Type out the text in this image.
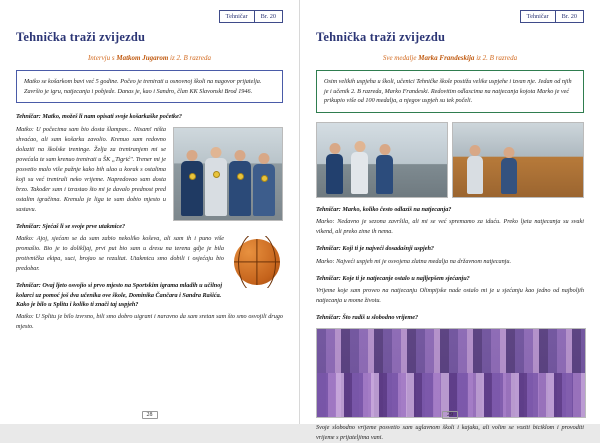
Tehničar	Br. 20
Tehnička traži zvijezdu
Intervju s Matkom Jugarom iz 2. B razreda
Matko se košarkom bavi već 5 godine. Počeo je trenirati u osnovnoj školi na nagovor prijatelja. Završio je igru, natjecanja i pobjede. Danas je, kao i Sandro, član KK Slavonski Brod 1946.
Tehničar: Matko, možeš li nam opisati svoje košarkaške početke?
Matko: U počecima sam bio dosta šlampav... Nisam! ništa shvaćao, ali sam košarku zavolio. Krenuo sam redovno dolaziti na školske treninge. Želja za treniranjem mi se povećala te sam krenuo trenirati u ŠK „Tigrić". Trener mi je posvetio malo više pažnje kako bih ulao u korak s ostalima koji su već trenirali neko vrijeme. Napredovao sam dosta brzo. Također sam i izrastao što mi je davalo prednost pred ostalim igračima. Krenula je liga te sam dobio mjesto u sastavu.
Tehničar: Sjećaš li se svoje prve utakmice?
Matko: Ajoj, sjećam se da sam zabio nekoliko koševa, ali sam ih i puno više promašio. Bio je to dolikljaj, prvi put bio sam u dresu na terenu gdje je bila protivnička ekipa, suci, brojao se rezultat. Utakmicu smo dobili i osjećaju bio predobar.
Tehničar: Ovaj ljeto osvojio si prvo mjesto na Sportskim igrama mladih u učilnoj kolarci uz pomoć još dva učenika ove škole, Dominika Čančara i Sandra Rašića. Kako je bilo u Splitu i koliko ti znači taj uspjeh?
Matko: U Splitu je bilo izvrsno, bili smo dobro uigrani i naravno da sam sretan sam što smo osvojili drugo mjesto.
28
Tehničar	Br. 20
Tehnička traži zvijezdu
Sve medalje Marka Frandeskija iz 2. B razreda
Osim velikih uspjeha u školi, učenici Tehničke škole postižu velike uspjehe i izvan nje. Jedan od njih je i učenik 2. B razreda, Marko Frandeski. Redovitim odlascima na natjecanja kojota Marko je već prikupio više od 100 medalja, a njegov uspjeh su tek počeli.
Tehničar: Marko, koliko često odlaziš na natjecanja?
Marko: Nedavno je sezona završila, ali mi se već spremamo za iduću. Preko ljeta natjecanja su svaki vikend, ali preko zime ih nema.
Tehničar: Koji ti je najveći dosadašnji uspjeh?
Marko: Najveći uspjeh mi je osvojena zlatna medalja na državnom natjecanju.
Tehničar: Koje ti je natjecanje ostalo u najljepšem sjećanju?
Vrijeme koje sam proveo na natjecanju Olimpijske nade ostalo mi je u sjećanju kao jedno od najboljih natjecanja u mome životu.
Tehničar: Što radiš u slobodno vrijeme?
Svoje slobodno vrijeme posvetio sam uglavnom školi i kajaku, ali volim se voziti biciklom i provoditi vrijeme s prijateljima vani.
29
